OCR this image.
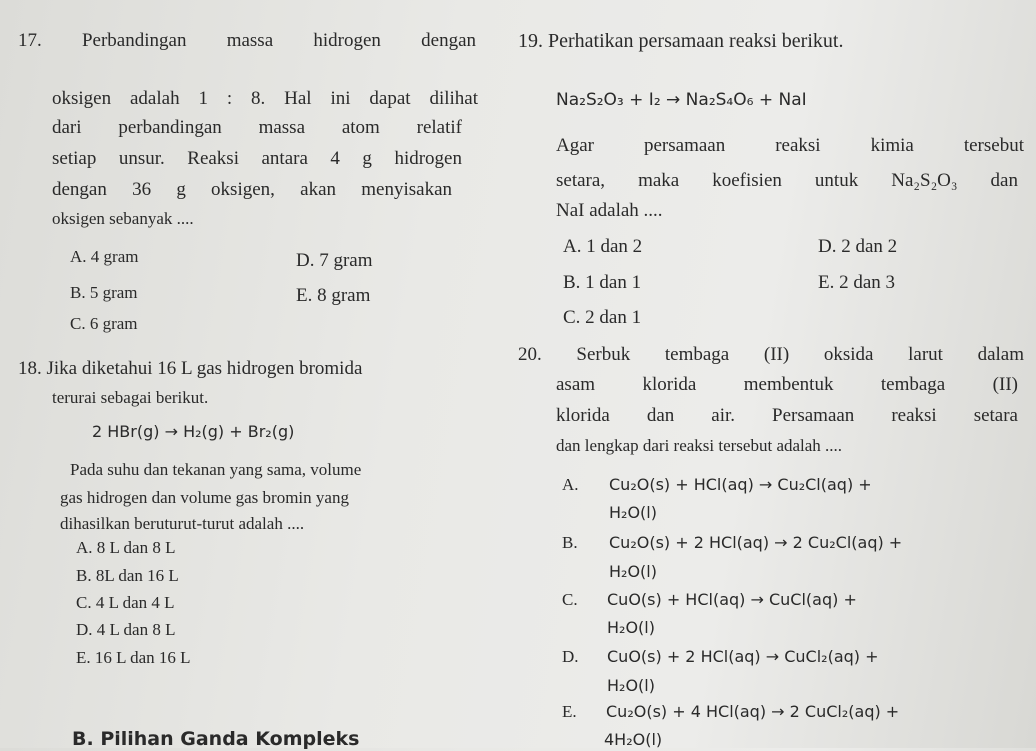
17. Perbandingan massa hidrogen dengan
oksigen adalah 1 : 8. Hal ini dapat dilihat
dari perbandingan massa atom relatif
setiap unsur. Reaksi antara 4 g hidrogen
dengan 36 g oksigen, akan menyisakan
oksigen sebanyak ....
A. 4 gram
B. 5 gram
C. 6 gram
D. 7 gram
E. 8 gram
18. Jika diketahui 16 L gas hidrogen bromida
terurai sebagai berikut.
2 HBr(g) → H₂(g) + Br₂(g)
Pada suhu dan tekanan yang sama, volume
gas hidrogen dan volume gas bromin yang
dihasilkan beruturut-turut adalah ....
A. 8 L dan 8 L
B. 8L dan 16 L
C. 4 L dan 4 L
D. 4 L dan 8 L
E. 16 L dan 16 L
19. Perhatikan persamaan reaksi berikut.
Na₂S₂O₃ + I₂ → Na₂S₄O₆ + NaI
Agar persamaan reaksi kimia tersebut
setara, maka koefisien untuk Na₂S₂O₃ dan
NaI adalah ....
A. 1 dan 2
B. 1 dan 1
C. 2 dan 1
D. 2 dan 2
E. 2 dan 3
20. Serbuk tembaga (II) oksida larut dalam
asam klorida membentuk tembaga (II)
klorida dan air. Persamaan reaksi setara
dan lengkap dari reaksi tersebut adalah ....
A. Cu₂O(s) + HCl(aq) → Cu₂Cl(aq) +
H₂O(l)
B. Cu₂O(s) + 2 HCl(aq) → 2 Cu₂Cl(aq) +
H₂O(l)
C. CuO(s) + HCl(aq) → CuCl(aq) +
H₂O(l)
D. CuO(s) + 2 HCl(aq) → CuCl₂(aq) +
H₂O(l)
E. Cu₂O(s) + 4 HCl(aq) → 2 CuCl₂(aq) +
4H₂O(l)
B. Pilihan Ganda Kompleks
